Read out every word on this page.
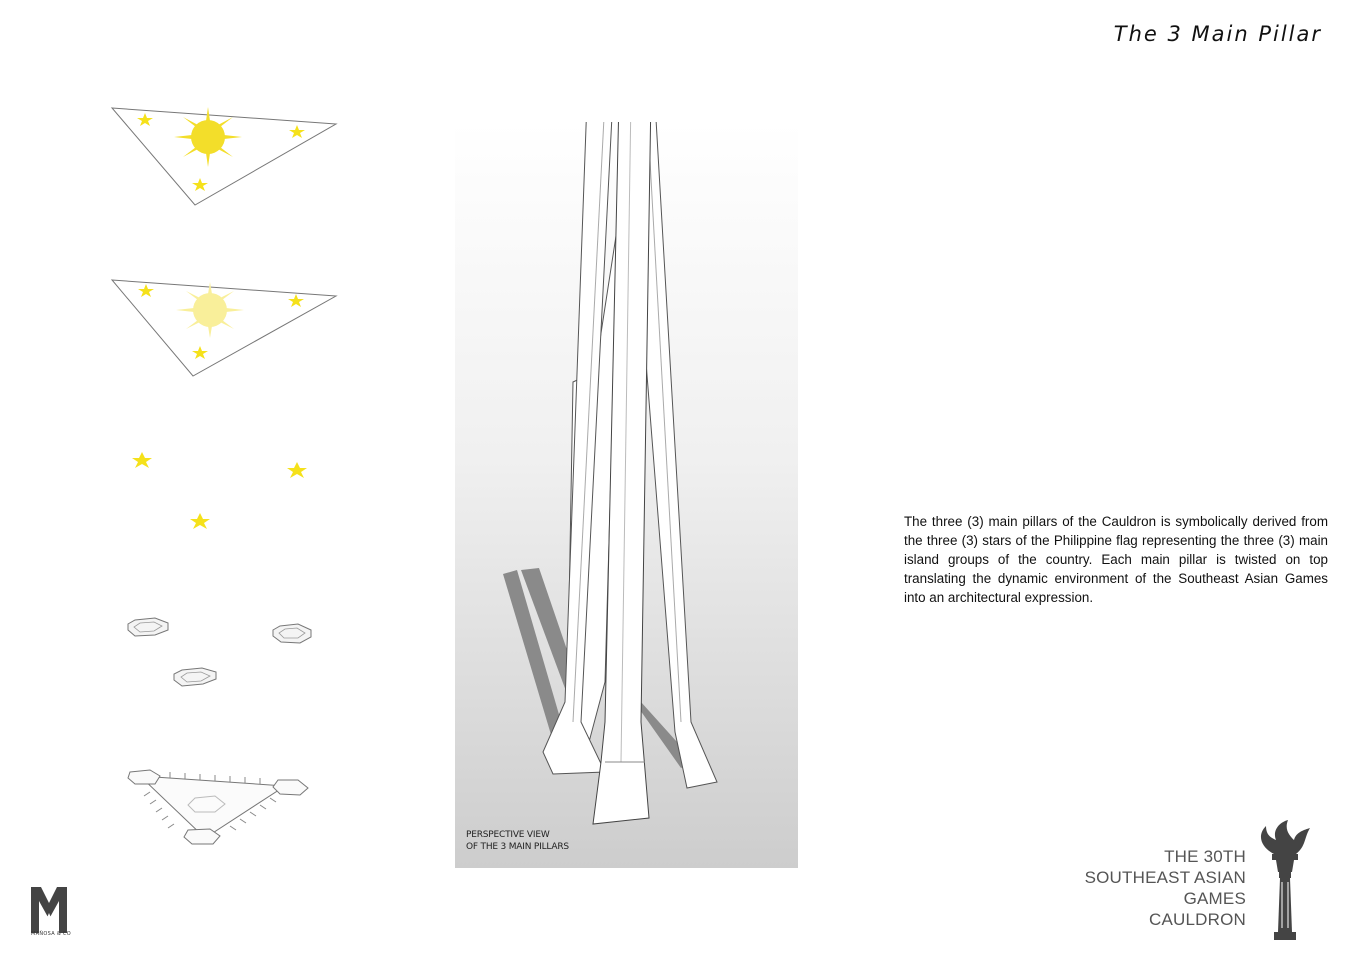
The 3 Main Pillar
PERSPECTIVE VIEW
OF THE 3 MAIN PILLARS

The three (3) main pillars of the Cauldron is symbolically derived from the three (3) stars of the Philippine flag representing the three (3) main island groups of the country. Each main pillar is twisted on top translating the dynamic environment of the Southeast Asian Games into an architectural expression.

THE 30TH
SOUTHEAST ASIAN
GAMES
CAULDRON
MAÑOSA & CO
